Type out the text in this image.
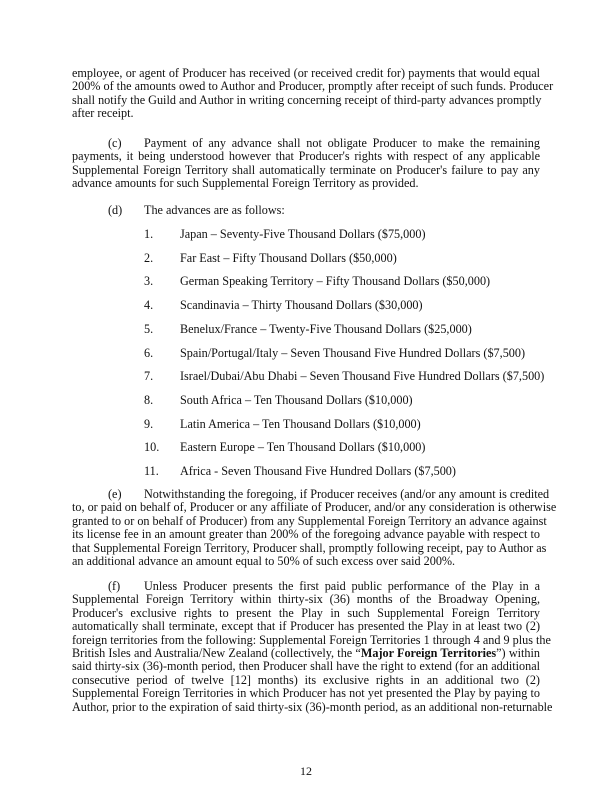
employee, or agent of Producer has received (or received credit for) payments that would equal
200% of the amounts owed to Author and Producer, promptly after receipt of such funds. Producer
shall notify the Guild and Author in writing concerning receipt of third-party advances promptly
after receipt.
(c) Payment of any advance shall not obligate Producer to make the remaining
payments, it being understood however that Producer's rights with respect of any applicable
Supplemental Foreign Territory shall automatically terminate on Producer's failure to pay any
advance amounts for such Supplemental Foreign Territory as provided.
(d) The advances are as follows:
1. Japan – Seventy-Five Thousand Dollars ($75,000)
2. Far East – Fifty Thousand Dollars ($50,000)
3. German Speaking Territory – Fifty Thousand Dollars ($50,000)
4. Scandinavia – Thirty Thousand Dollars ($30,000)
5. Benelux/France – Twenty-Five Thousand Dollars ($25,000)
6. Spain/Portugal/Italy – Seven Thousand Five Hundred Dollars ($7,500)
7. Israel/Dubai/Abu Dhabi – Seven Thousand Five Hundred Dollars ($7,500)
8. South Africa – Ten Thousand Dollars ($10,000)
9. Latin America – Ten Thousand Dollars ($10,000)
10. Eastern Europe – Ten Thousand Dollars ($10,000)
11. Africa - Seven Thousand Five Hundred Dollars ($7,500)
(e) Notwithstanding the foregoing, if Producer receives (and/or any amount is credited
to, or paid on behalf of, Producer or any affiliate of Producer, and/or any consideration is otherwise
granted to or on behalf of Producer) from any Supplemental Foreign Territory an advance against
its license fee in an amount greater than 200% of the foregoing advance payable with respect to
that Supplemental Foreign Territory, Producer shall, promptly following receipt, pay to Author as
an additional advance an amount equal to 50% of such excess over said 200%.
(f) Unless Producer presents the first paid public performance of the Play in a
Supplemental Foreign Territory within thirty-six (36) months of the Broadway Opening,
Producer's exclusive rights to present the Play in such Supplemental Foreign Territory
automatically shall terminate, except that if Producer has presented the Play in at least two (2)
foreign territories from the following: Supplemental Foreign Territories 1 through 4 and 9 plus the
British Isles and Australia/New Zealand (collectively, the “Major Foreign Territories”) within
said thirty-six (36)-month period, then Producer shall have the right to extend (for an additional
consecutive period of twelve [12] months) its exclusive rights in an additional two (2)
Supplemental Foreign Territories in which Producer has not yet presented the Play by paying to
Author, prior to the expiration of said thirty-six (36)-month period, as an additional non-returnable
12
